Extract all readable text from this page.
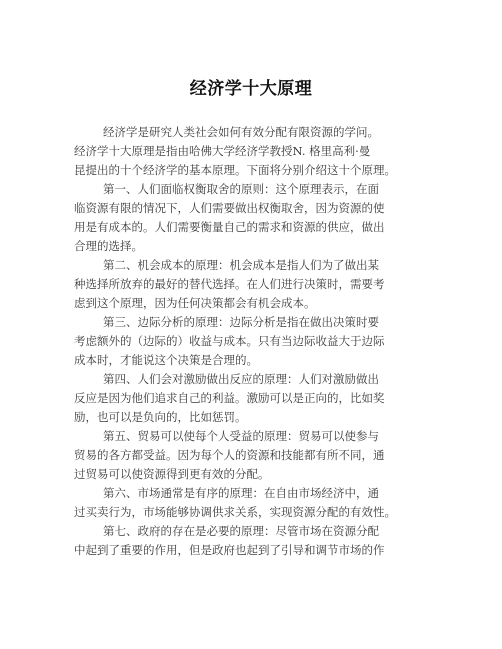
经济学十大原理
经济学是研究人类社会如何有效分配有限资源的学问。
经济学十大原理是指由哈佛大学经济学教授N. 格里高利·曼
昆提出的十个经济学的基本原理。下面将分别介绍这十个原理。
第一、人们面临权衡取舍的原则：这个原理表示，在面
临资源有限的情况下，人们需要做出权衡取舍，因为资源的使
用是有成本的。人们需要衡量自己的需求和资源的供应，做出
合理的选择。
第二、机会成本的原理：机会成本是指人们为了做出某
种选择所放弃的最好的替代选择。在人们进行决策时，需要考
虑到这个原理，因为任何决策都会有机会成本。
第三、边际分析的原理：边际分析是指在做出决策时要
考虑额外的（边际的）收益与成本。只有当边际收益大于边际
成本时，才能说这个决策是合理的。
第四、人们会对激励做出反应的原理：人们对激励做出
反应是因为他们追求自己的利益。激励可以是正向的，比如奖
励，也可以是负向的，比如惩罚。
第五、贸易可以使每个人受益的原理：贸易可以使参与
贸易的各方都受益。因为每个人的资源和技能都有所不同，通
过贸易可以使资源得到更有效的分配。
第六、市场通常是有序的原理：在自由市场经济中，通
过买卖行为，市场能够协调供求关系，实现资源分配的有效性。
第七、政府的存在是必要的原理：尽管市场在资源分配
中起到了重要的作用，但是政府也起到了引导和调节市场的作
